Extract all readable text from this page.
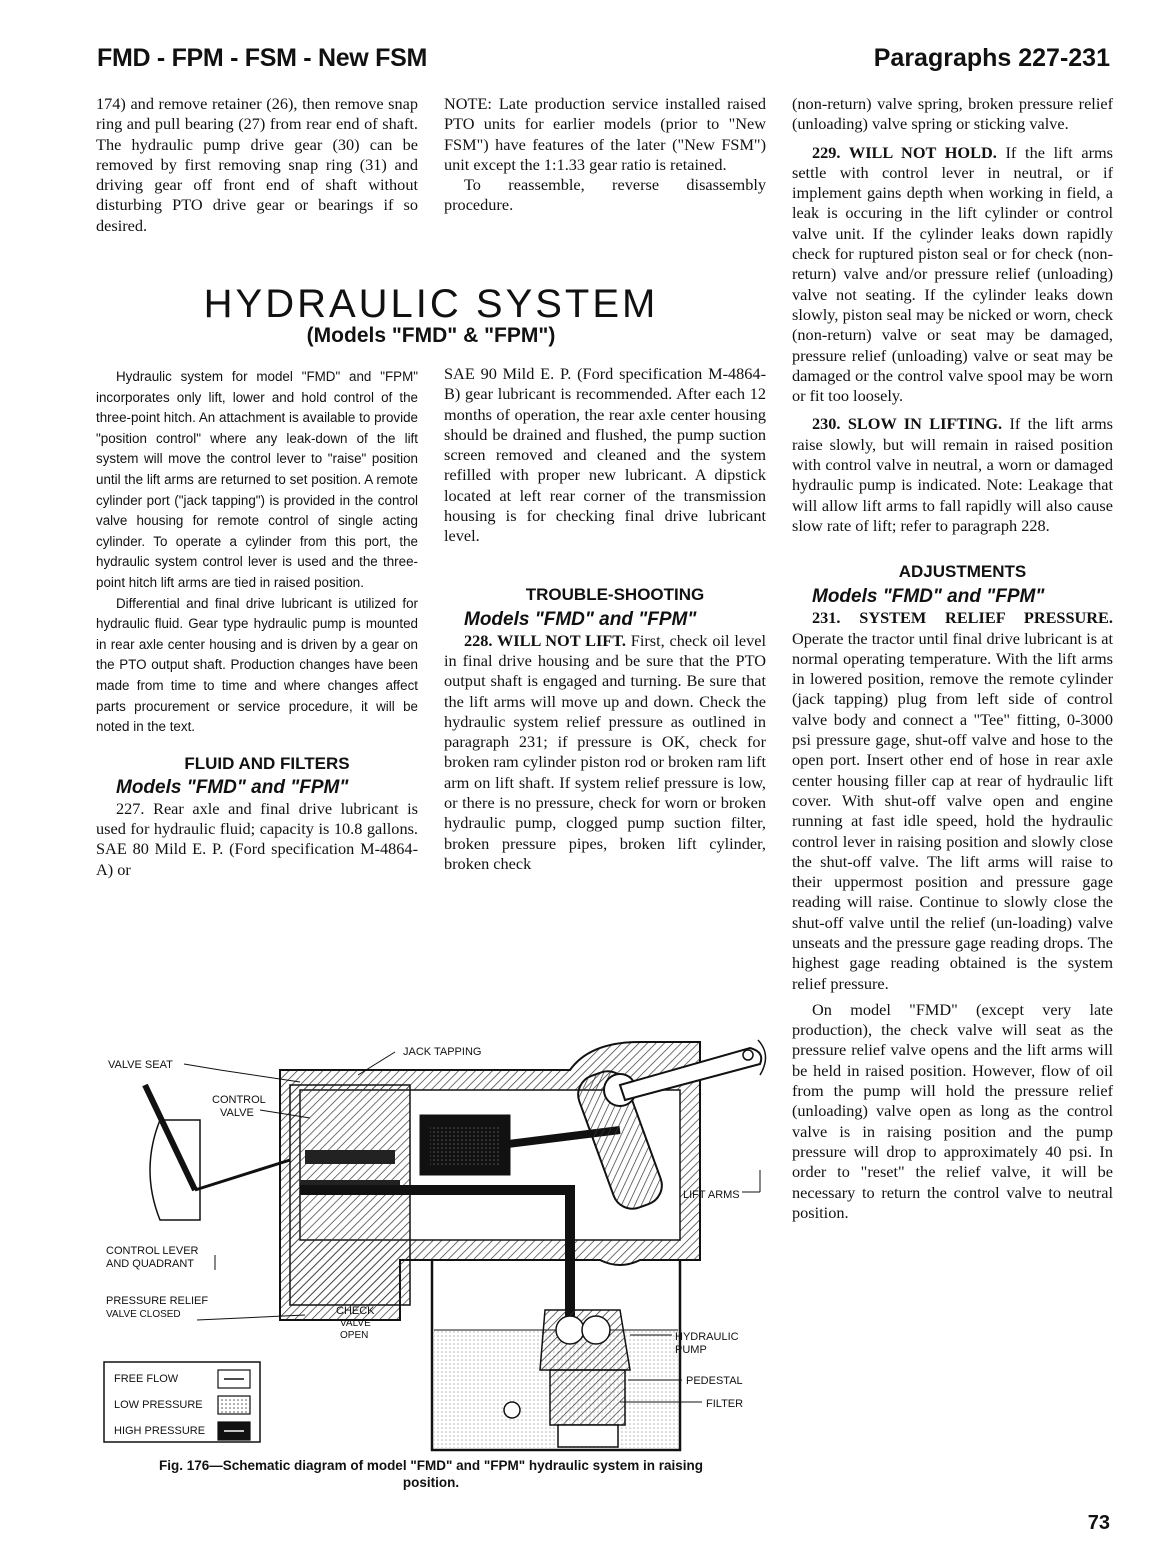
FMD - FPM - FSM - New FSM	Paragraphs 227-231

174) and remove retainer (26), then remove snap ring and pull bearing (27) from rear end of shaft. The hydraulic pump drive gear (30) can be removed by first removing snap ring (31) and driving gear off front end of shaft without disturbing PTO drive gear or bearings if so desired.

NOTE: Late production service installed raised PTO units for earlier models (prior to "New FSM") have features of the later ("New FSM") unit except the 1:1.33 gear ratio is retained.

To reassemble, reverse disassembly procedure.

HYDRAULIC SYSTEM
(Models "FMD" & "FPM")

Hydraulic system for model "FMD" and "FPM" incorporates only lift, lower and hold control of the three-point hitch. An attachment is available to provide "position control" where any leak-down of the lift system will move the control lever to "raise" position until the lift arms are returned to set position. A remote cylinder port ("jack tapping") is provided in the control valve housing for remote control of single acting cylinder. To operate a cylinder from this port, the hydraulic system control lever is used and the three-point hitch lift arms are tied in raised position.

Differential and final drive lubricant is utilized for hydraulic fluid. Gear type hydraulic pump is mounted in rear axle center housing and is driven by a gear on the PTO output shaft. Production changes have been made from time to time and where changes affect parts procurement or service procedure, it will be noted in the text.

FLUID AND FILTERS

Models "FMD" and "FPM"

227. Rear axle and final drive lubricant is used for hydraulic fluid; capacity is 10.8 gallons. SAE 80 Mild E. P. (Ford specification M-4864-A) or

SAE 90 Mild E. P. (Ford specification M-4864-B) gear lubricant is recommended. After each 12 months of operation, the rear axle center housing should be drained and flushed, the pump suction screen removed and cleaned and the system refilled with proper new lubricant. A dipstick located at left rear corner of the transmission housing is for checking final drive lubricant level.

TROUBLE-SHOOTING

Models "FMD" and "FPM"

228. WILL NOT LIFT. First, check oil level in final drive housing and be sure that the PTO output shaft is engaged and turning. Be sure that the lift arms will move up and down. Check the hydraulic system relief pressure as outlined in paragraph 231; if pressure is OK, check for broken ram cylinder piston rod or broken ram lift arm on lift shaft. If system relief pressure is low, or there is no pressure, check for worn or broken hydraulic pump, clogged pump suction filter, broken pressure pipes, broken lift cylinder, broken check

(non-return) valve spring, broken pressure relief (unloading) valve spring or sticking valve.

229. WILL NOT HOLD. If the lift arms settle with control lever in neutral, or if implement gains depth when working in field, a leak is occuring in the lift cylinder or control valve unit. If the cylinder leaks down rapidly check for ruptured piston seal or for check (non-return) valve and/or pressure relief (unloading) valve not seating. If the cylinder leaks down slowly, piston seal may be nicked or worn, check (non-return) valve or seat may be damaged, pressure relief (unloading) valve or seat may be damaged or the control valve spool may be worn or fit too loosely.

230. SLOW IN LIFTING. If the lift arms raise slowly, but will remain in raised position with control valve in neutral, a worn or damaged hydraulic pump is indicated. Note: Leakage that will allow lift arms to fall rapidly will also cause slow rate of lift; refer to paragraph 228.

ADJUSTMENTS

Models "FMD" and "FPM"

231. SYSTEM RELIEF PRESSURE. Operate the tractor until final drive lubricant is at normal operating temperature. With the lift arms in lowered position, remove the remote cylinder (jack tapping) plug from left side of control valve body and connect a "Tee" fitting, 0-3000 psi pressure gage, shut-off valve and hose to the open port. Insert other end of hose in rear axle center housing filler cap at rear of hydraulic lift cover. With shut-off valve open and engine running at fast idle speed, hold the hydraulic control lever in raising position and slowly close the shut-off valve. The lift arms will raise to their uppermost position and pressure gage reading will raise. Continue to slowly close the shut-off valve until the relief (un-loading) valve unseats and the pressure gage reading drops. The highest gage reading obtained is the system relief pressure.

On model "FMD" (except very late production), the check valve will seat as the pressure relief valve opens and the lift arms will be held in raised position. However, flow of oil from the pump will hold the pressure relief (unloading) valve open as long as the control valve is in raising position and the pump pressure will drop to approximately 40 psi. In order to "reset" the relief valve, it will be necessary to return the control valve to neutral position.

VALVE SEAT
JACK TAPPING
CONTROL
VALVE
LIFT ARMS
CONTROL LEVER
AND QUADRANT
PRESSURE RELIEF
VALVE CLOSED	CHECK
VALVE
OPEN	HYDRAULIC
PUMP
PEDESTAL
FILTER
FREE FLOW
LOW PRESSURE
HIGH PRESSURE
Fig. 176—Schematic diagram of model "FMD" and "FPM" hydraulic system in raising
position.
73
